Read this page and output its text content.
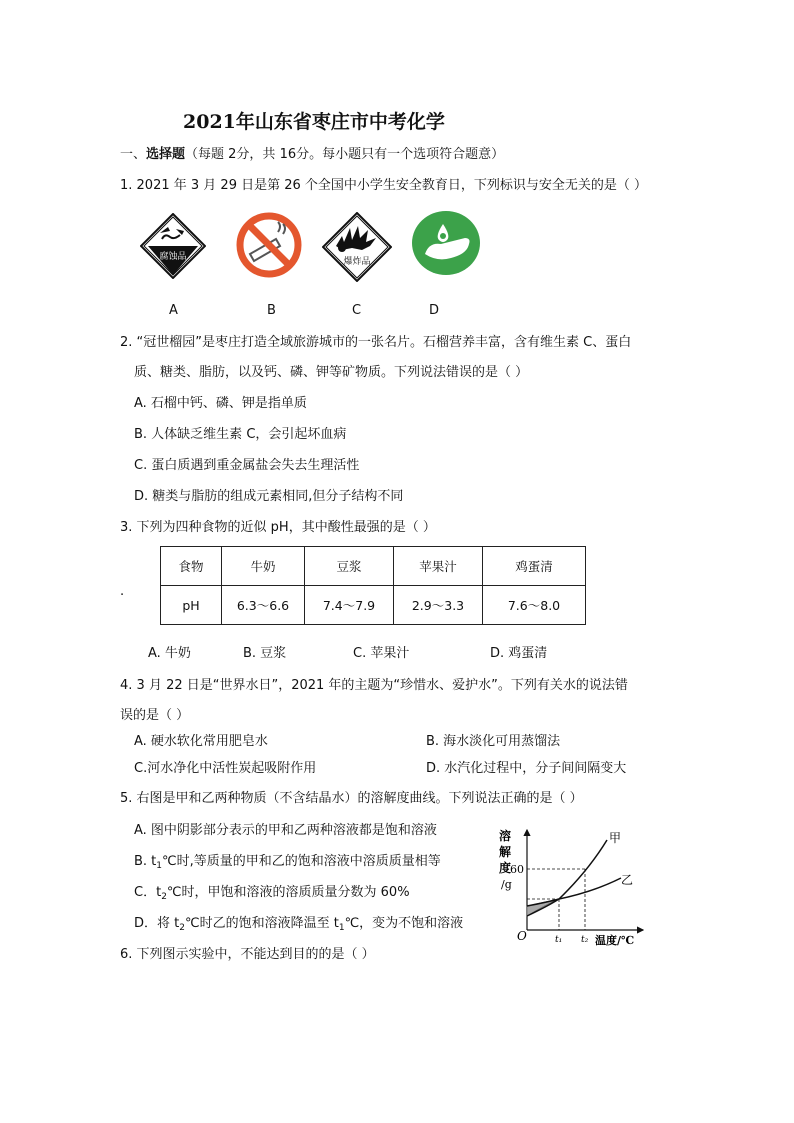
2021年山东省枣庄市中考化学
一、选择题（每题 2分，共 16分。每小题只有一个选项符合题意）
1. 2021 年 3 月 29 日是第 26 个全国中小学生安全教育日，下列标识与安全无关的是（ ）
腐蚀品	爆炸品
A	B	C	D
2. “冠世榴园”是枣庄打造全域旅游城市的一张名片。石榴营养丰富，含有维生素 C、蛋白
质、糖类、脂肪，以及钙、磷、钾等矿物质。下列说法错误的是（ ）
A. 石榴中钙、磷、钾是指单质
B. 人体缺乏维生素 C，会引起坏血病
C. 蛋白质遇到重金属盐会失去生理活性
D. 糖类与脂肪的组成元素相同,但分子结构不同
3. 下列为四种食物的近似 pH，其中酸性最强的是（ ）
.
食物	牛奶	豆浆	苹果汁	鸡蛋清
pH	6.3～6.6	7.4～7.9	2.9～3.3	7.6～8.0
A. 牛奶	B. 豆浆	C. 苹果汁	D. 鸡蛋清
4. 3 月 22 日是“世界水日”，2021 年的主题为“珍惜水、爱护水”。下列有关水的说法错
误的是（ ）
A. 硬水软化常用肥皂水	B. 海水淡化可用蒸馏法
C.河水净化中活性炭起吸附作用	D. 水汽化过程中，分子间间隔变大
5. 右图是甲和乙两种物质（不含结晶水）的溶解度曲线。下列说法正确的是（ ）
A. 图中阴影部分表示的甲和乙两种溶液都是饱和溶液
B. $t_1℃$时,等质量的甲和乙的饱和溶液中溶质质量相等
C．$t_2℃$时，甲饱和溶液的溶质质量分数为 60%
D．将 $t_2℃$时乙的饱和溶液降温至 $t_1℃$，变为不饱和溶液
溶
解
度
/g
60
O
甲
乙
t₁ t₂ 温度/℃
6. 下列图示实验中，不能达到目的的是（ ）
